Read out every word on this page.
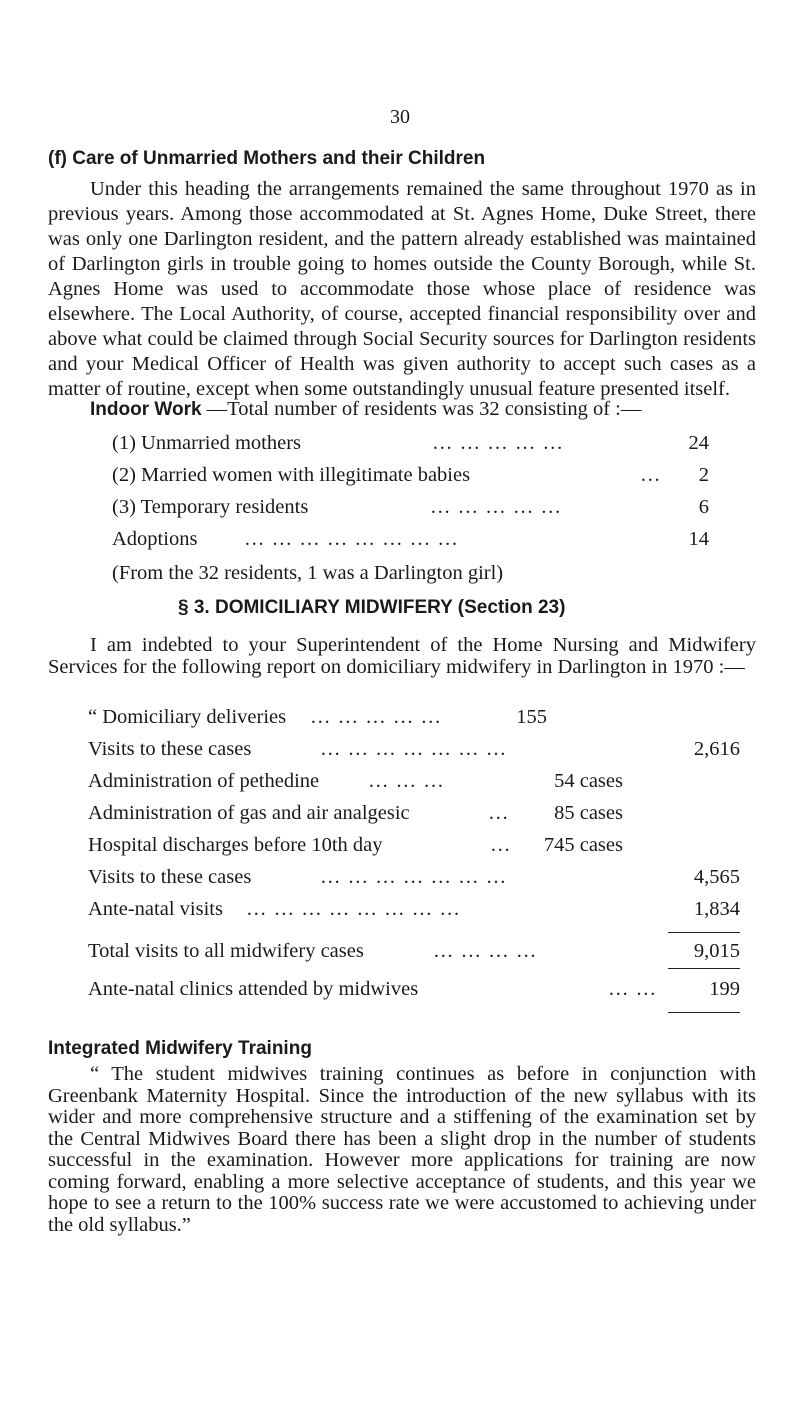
30
(f) Care of Unmarried Mothers and their Children
Under this heading the arrangements remained the same throughout 1970 as in previous years. Among those accommodated at St. Agnes Home, Duke Street, there was only one Darlington resident, and the pattern already established was maintained of Darlington girls in trouble going to homes outside the County Borough, while St. Agnes Home was used to accommodate those whose place of residence was elsewhere. The Local Authority, of course, accepted financial responsibility over and above what could be claimed through Social Security sources for Darlington residents and your Medical Officer of Health was given authority to accept such cases as a matter of routine, except when some outstandingly unusual feature presented itself.
Indoor Work —Total number of residents was 32 consisting of :—
(1) Unmarried mothers	… … … … …	24
(2) Married women with illegitimate babies	… 2
(3) Temporary residents	… … … … …	6
Adoptions … … … … … … … …	14
(From the 32 residents, 1 was a Darlington girl)
§ 3. DOMICILIARY MIDWIFERY (Section 23)
I am indebted to your Superintendent of the Home Nursing and Midwifery Services for the following report on domiciliary midwifery in Darlington in 1970 :—
“ Domiciliary deliveries … … … … …	155
Visits to these cases	… … … … … … …	2,616
Administration of pethedine … … …	54 cases
Administration of gas and air analgesic	… 85 cases
Hospital discharges before 10th day	… 745 cases
Visits to these cases	… … … … … … …	4,565
Ante-natal visits … … … … … … … …	1,834
Total visits to all midwifery cases	… … … …	9,015
Ante-natal clinics attended by midwives	… …	199
Integrated Midwifery Training
“ The student midwives training continues as before in conjunction with Greenbank Maternity Hospital. Since the introduction of the new syllabus with its wider and more comprehensive structure and a stiffening of the examination set by the Central Midwives Board there has been a slight drop in the number of students successful in the examination. However more applications for training are now coming forward, enabling a more selective acceptance of students, and this year we hope to see a return to the 100% success rate we were accustomed to achieving under the old syllabus.”
